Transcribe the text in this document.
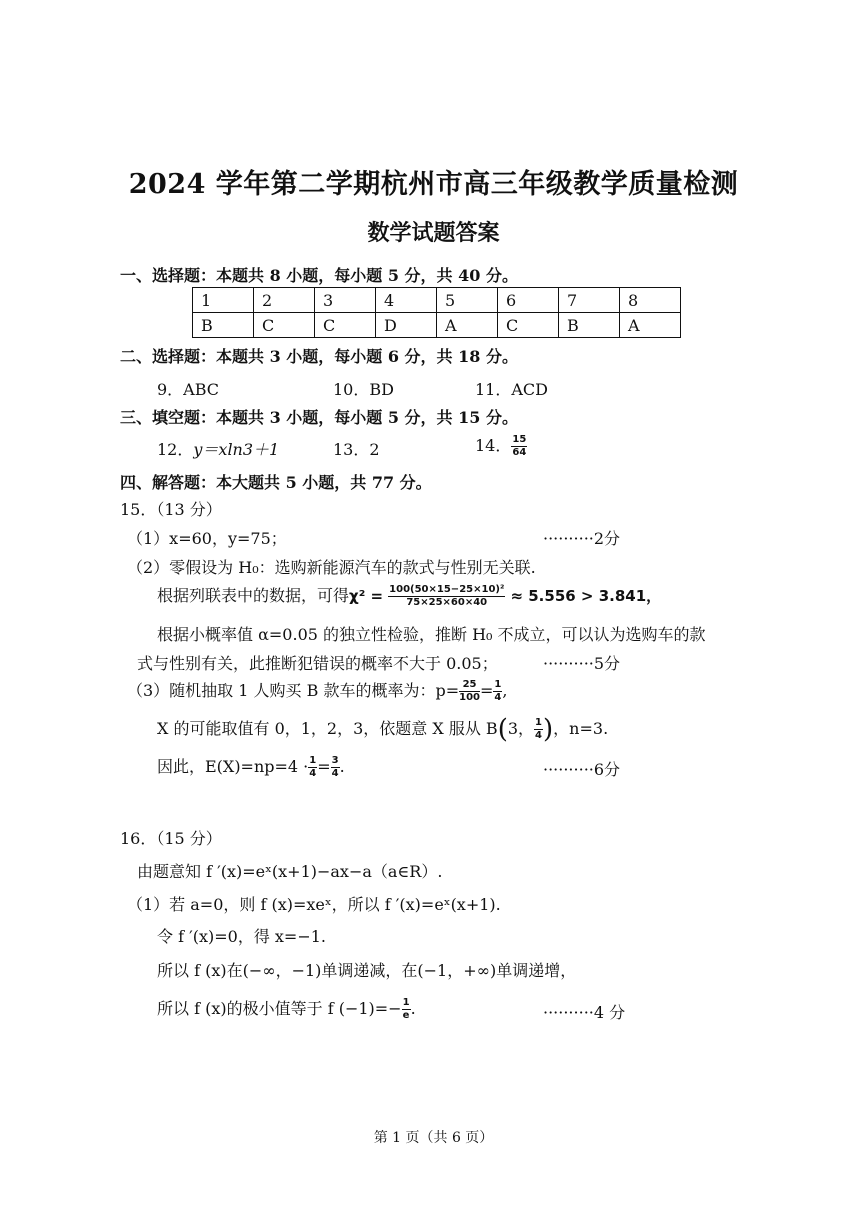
2024 学年第二学期杭州市高三年级教学质量检测
数学试题答案
一、选择题：本题共 8 小题，每小题 5 分，共 40 分。
1	2	3	4	5	6	7	8
B	C	C	D	A	C	B	A
二、选择题：本题共 3 小题，每小题 6 分，共 18 分。
9．ABC	10．BD	11．ACD
三、填空题：本题共 3 小题，每小题 5 分，共 15 分。
12．y＝xln3＋1	13．2	14． $\frac{15}{64}$
四、解答题：本大题共 5 小题，共 77 分。
15．（13 分）
（1）x=60，y=75；	··········2分
（2）零假设为 H₀：选购新能源汽车的款式与性别无关联.
根据列联表中的数据，可得$\chi^2 = \frac{\text{100(50×15−25×10)²}}{75\times 25\times 60\times 40} \approx 5.556 > 3.841$，
根据小概率值 α=0.05 的独立性检验，推断 H₀ 不成立，可以认为选购车的款
式与性别有关，此推断犯错误的概率不大于 0.05；	··········5分
（3）随机抽取 1 人购买 B 款车的概率为：$p= \frac{25}{100} = \frac{1}{4}$ ,
X 的可能取值有 0，1，2，3，依题意 X 服从 B(3， $\frac{1}{4}$ )，n=3.
因此，$E(X)=np=4 \cdot \frac{1}{4} = \frac{3}{4}$ .	··········6分
16．（15 分）
由题意知 f ′(x)=eˣ(x+1)−ax−a（a∈R）.
（1）若 a=0，则 f (x)=xeˣ，所以 f ′(x)=eˣ(x+1).
令 f ′(x)=0，得 x=−1.
所以 f (x)在(−∞，−1)单调递减，在(−1，+∞)单调递增，
所以 f (x)的极小值等于 f $(-1)=- \frac{1}{e}$ .	··········4 分
第 1 页（共 6 页）
